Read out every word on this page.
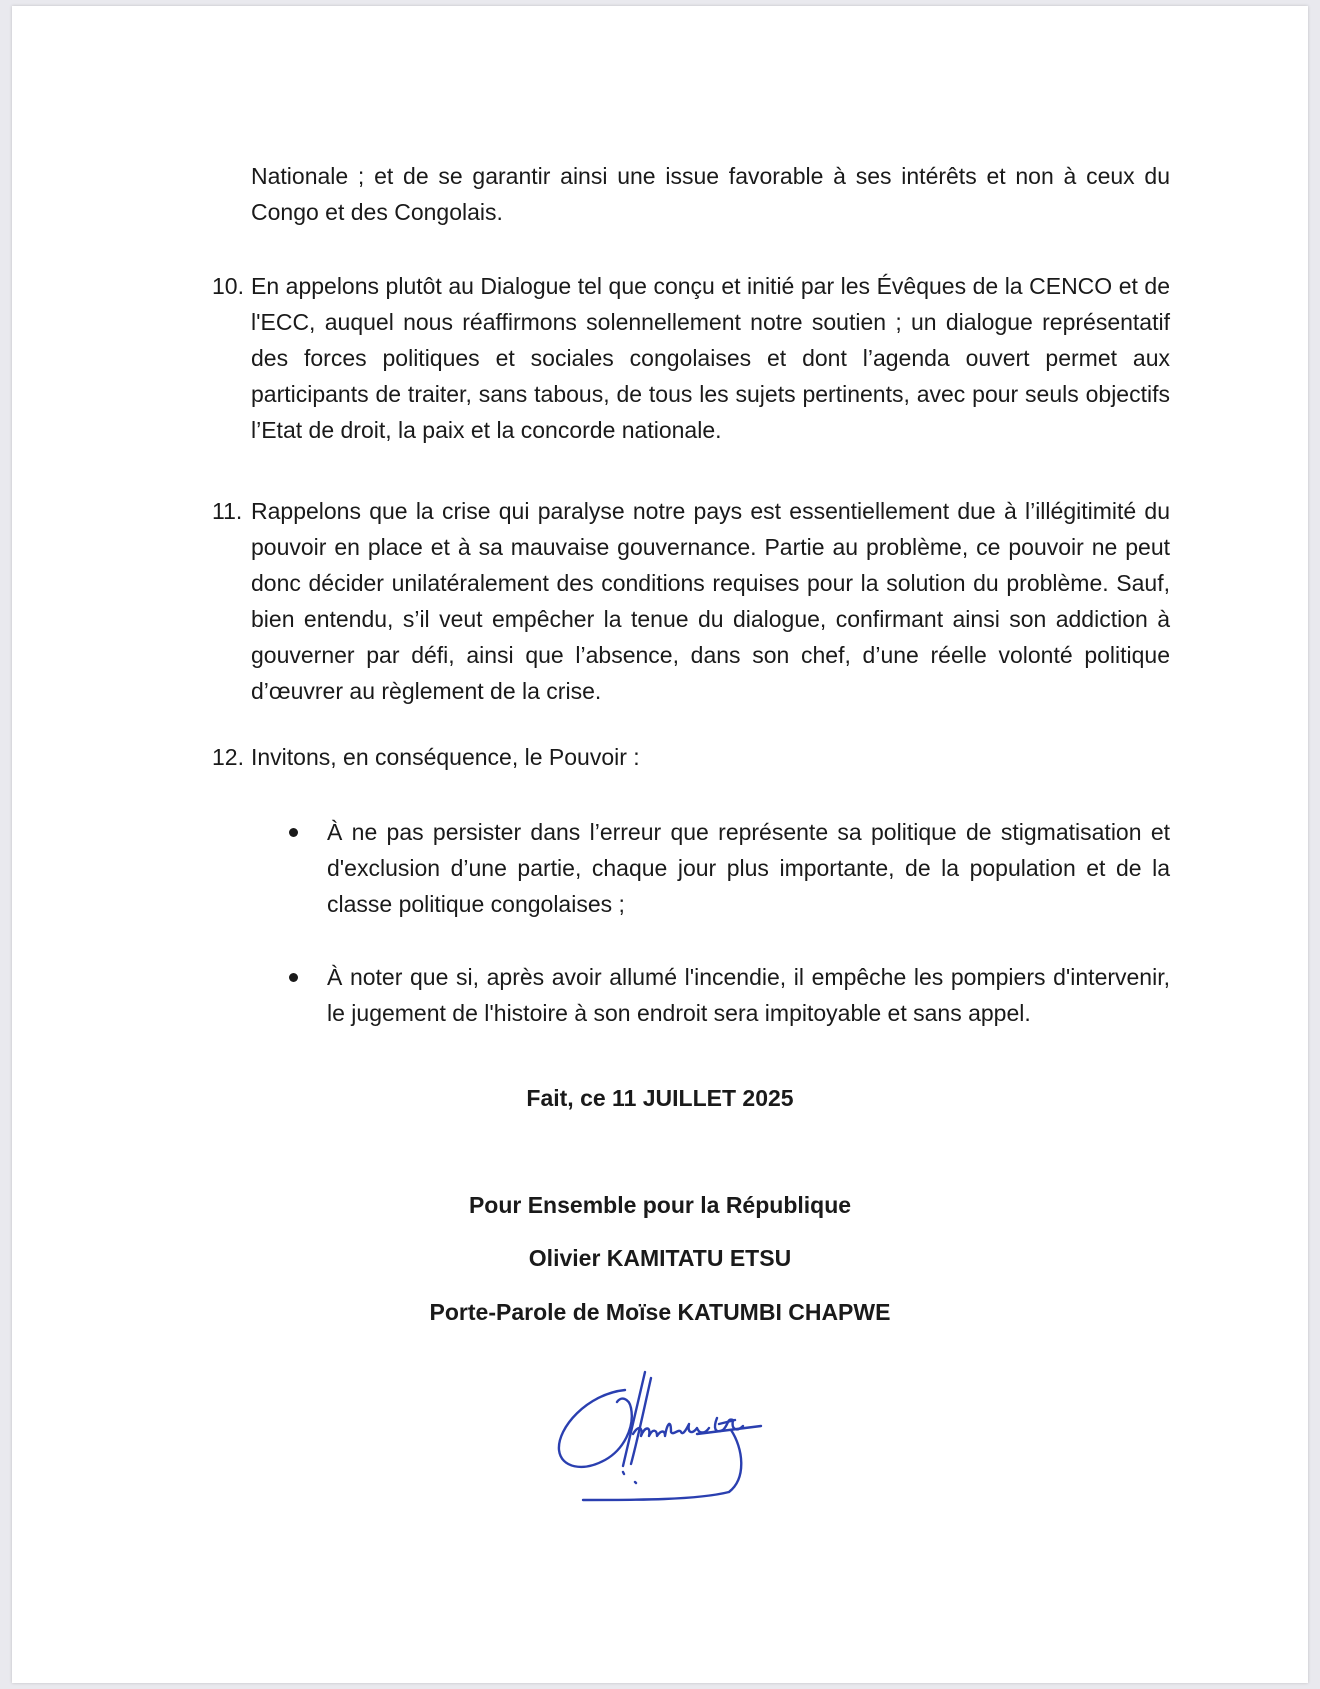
Nationale ; et de se garantir ainsi une issue favorable à ses intérêts et non à ceux du Congo et des Congolais.

10. En appelons plutôt au Dialogue tel que conçu et initié par les Évêques de la CENCO et de l'ECC, auquel nous réaffirmons solennellement notre soutien ; un dialogue représentatif des forces politiques et sociales congolaises et dont l’agenda ouvert permet aux participants de traiter, sans tabous, de tous les sujets pertinents, avec pour seuls objectifs l’Etat de droit, la paix et la concorde nationale.

11. Rappelons que la crise qui paralyse notre pays est essentiellement due à l’illégitimité du pouvoir en place et à sa mauvaise gouvernance. Partie au problème, ce pouvoir ne peut donc décider unilatéralement des conditions requises pour la solution du problème. Sauf, bien entendu, s’il veut empêcher la tenue du dialogue, confirmant ainsi son addiction à gouverner par défi, ainsi que l’absence, dans son chef, d’une réelle volonté politique d’œuvrer au règlement de la crise.

12. Invitons, en conséquence, le Pouvoir :

À ne pas persister dans l’erreur que représente sa politique de stigmatisation et d'exclusion d’une partie, chaque jour plus importante, de la population et de la classe politique congolaises ;

À noter que si, après avoir allumé l'incendie, il empêche les pompiers d'intervenir, le jugement de l'histoire à son endroit sera impitoyable et sans appel.

Fait, ce 11 JUILLET 2025

Pour Ensemble pour la République

Olivier KAMITATU ETSU

Porte-Parole de Moïse KATUMBI CHAPWE
